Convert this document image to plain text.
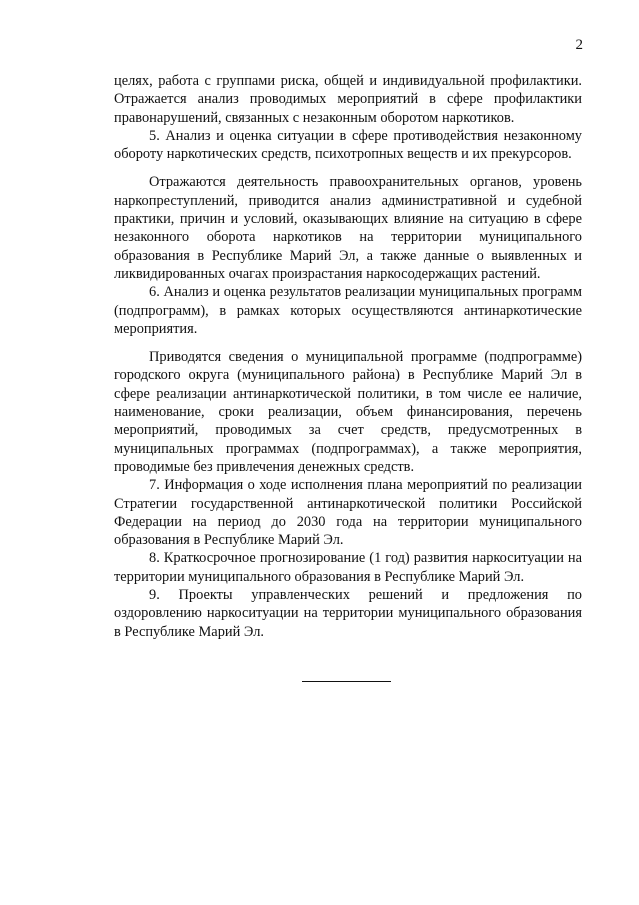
2

целях, работа с группами риска, общей и индивидуальной профилактики. Отражается анализ проводимых мероприятий в сфере профилактики правонарушений, связанных с незаконным оборотом наркотиков.

5. Анализ и оценка ситуации в сфере противодействия незаконному обороту наркотических средств, психотропных веществ и их прекурсоров.

Отражаются деятельность правоохранительных органов, уровень наркопреступлений, приводится анализ административной и судебной практики, причин и условий, оказывающих влияние на ситуацию в сфере незаконного оборота наркотиков на территории муниципального образования в Республике Марий Эл, а также данные о выявленных и ликвидированных очагах произрастания наркосодержащих растений.

6. Анализ и оценка результатов реализации муниципальных программ (подпрограмм), в рамках которых осуществляются антинаркотические мероприятия.

Приводятся сведения о муниципальной программе (подпрограмме) городского округа (муниципального района) в Республике Марий Эл в сфере реализации антинаркотической политики, в том числе ее наличие, наименование, сроки реализации, объем финансирования, перечень мероприятий, проводимых за счет средств, предусмотренных в муниципальных программах (подпрограммах), а также мероприятия, проводимые без привлечения денежных средств.

7. Информация о ходе исполнения плана мероприятий по реализации Стратегии государственной антинаркотической политики Российской Федерации на период до 2030 года на территории муниципального образования в Республике Марий Эл.

8. Краткосрочное прогнозирование (1 год) развития наркоситуации на территории муниципального образования в Республике Марий Эл.

9. Проекты управленческих решений и предложения по оздоровлению наркоситуации на территории муниципального образования в Республике Марий Эл.
